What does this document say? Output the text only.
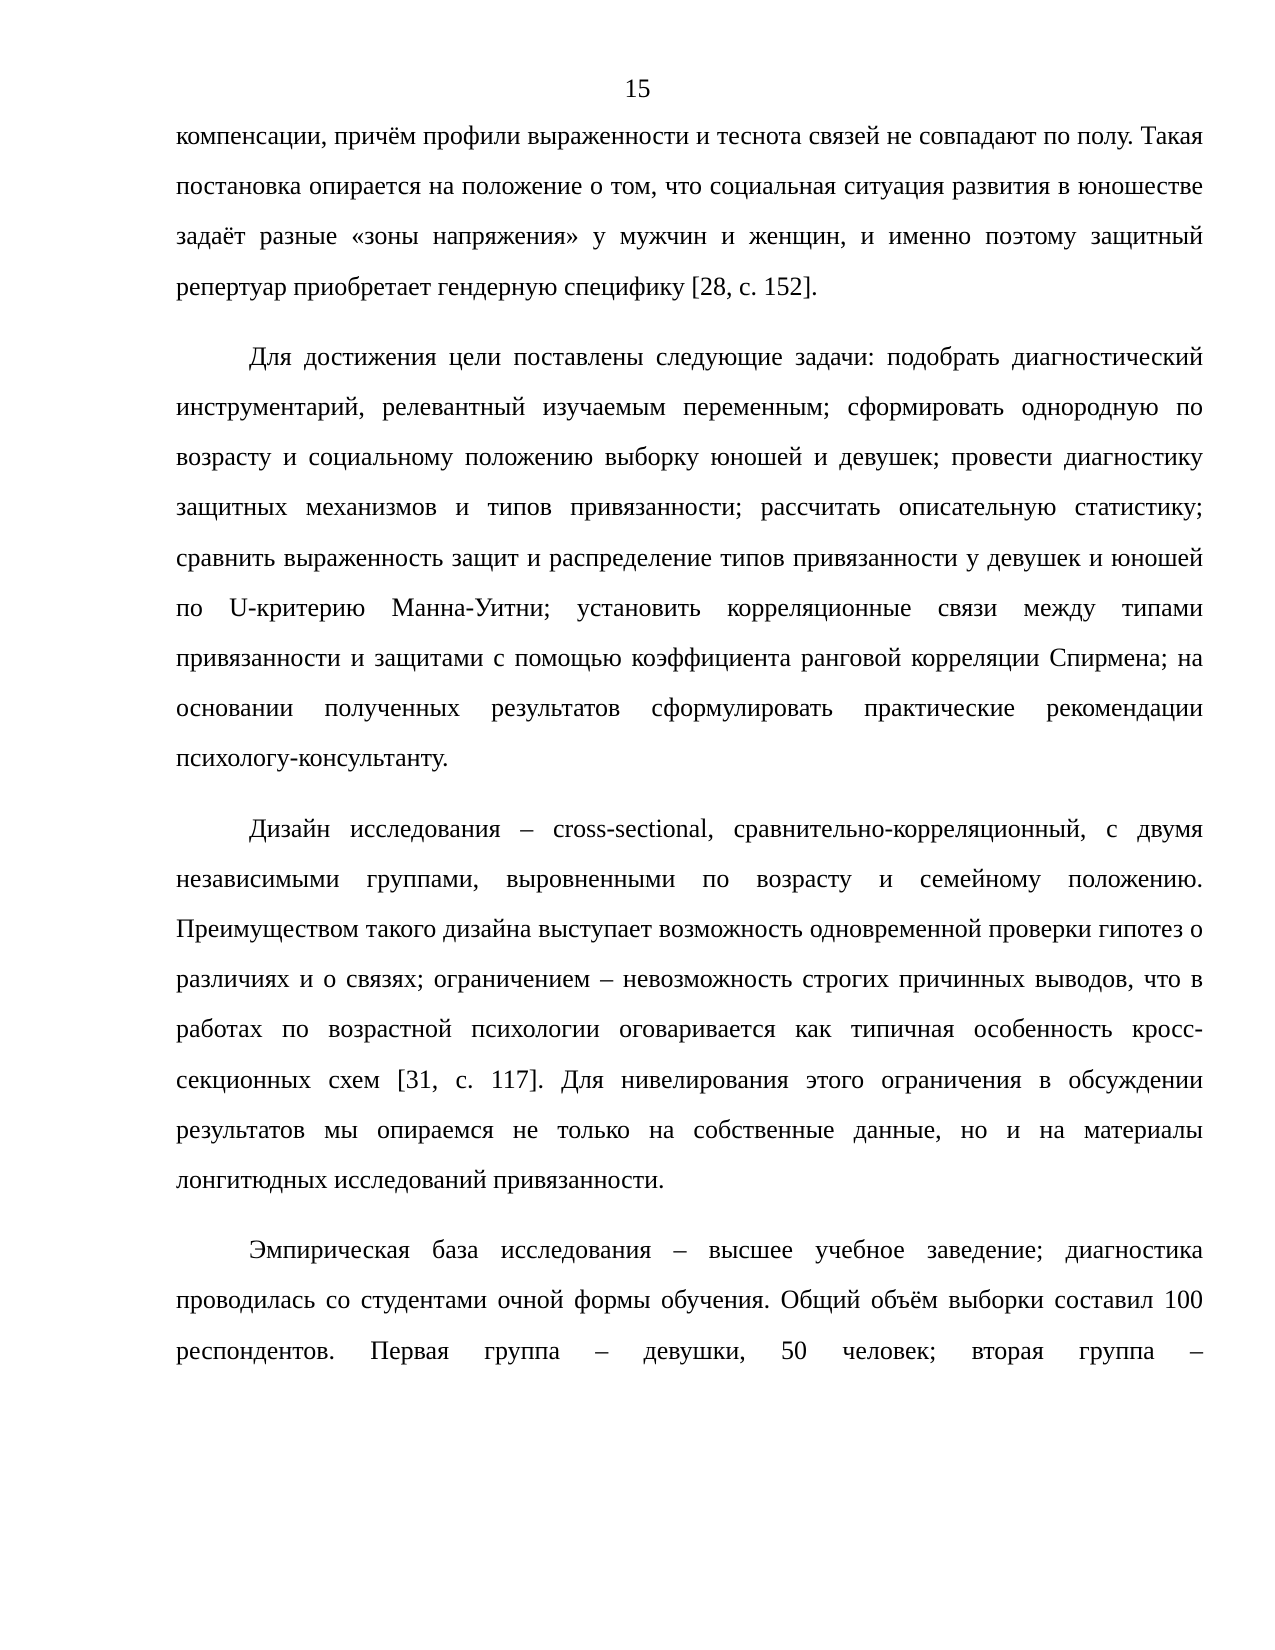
15

компенсации, причём профили выраженности и теснота связей не совпадают по полу. Такая постановка опирается на положение о том, что социальная ситуация развития в юношестве задаёт разные «зоны напряжения» у мужчин и женщин, и именно поэтому защитный репертуар приобретает гендерную специфику [28, с. 152].

Для достижения цели поставлены следующие задачи: подобрать диагностический инструментарий, релевантный изучаемым переменным; сформировать однородную по возрасту и социальному положению выборку юношей и девушек; провести диагностику защитных механизмов и типов привязанности; рассчитать описательную статистику; сравнить выраженность защит и распределение типов привязанности у девушек и юношей по U-критерию Манна-Уитни; установить корреляционные связи между типами привязанности и защитами с помощью коэффициента ранговой корреляции Спирмена; на основании полученных результатов сформулировать практические рекомендации психологу-консультанту.

Дизайн исследования – cross-sectional, сравнительно-корреляционный, с двумя независимыми группами, выровненными по возрасту и семейному положению. Преимуществом такого дизайна выступает возможность одновременной проверки гипотез о различиях и о связях; ограничением – невозможность строгих причинных выводов, что в работах по возрастной психологии оговаривается как типичная особенность кросс-секционных схем [31, с. 117]. Для нивелирования этого ограничения в обсуждении результатов мы опираемся не только на собственные данные, но и на материалы лонгитюдных исследований привязанности.

Эмпирическая база исследования – высшее учебное заведение; диагностика проводилась со студентами очной формы обучения. Общий объём выборки составил 100 респондентов. Первая группа – девушки, 50 человек; вторая группа –
